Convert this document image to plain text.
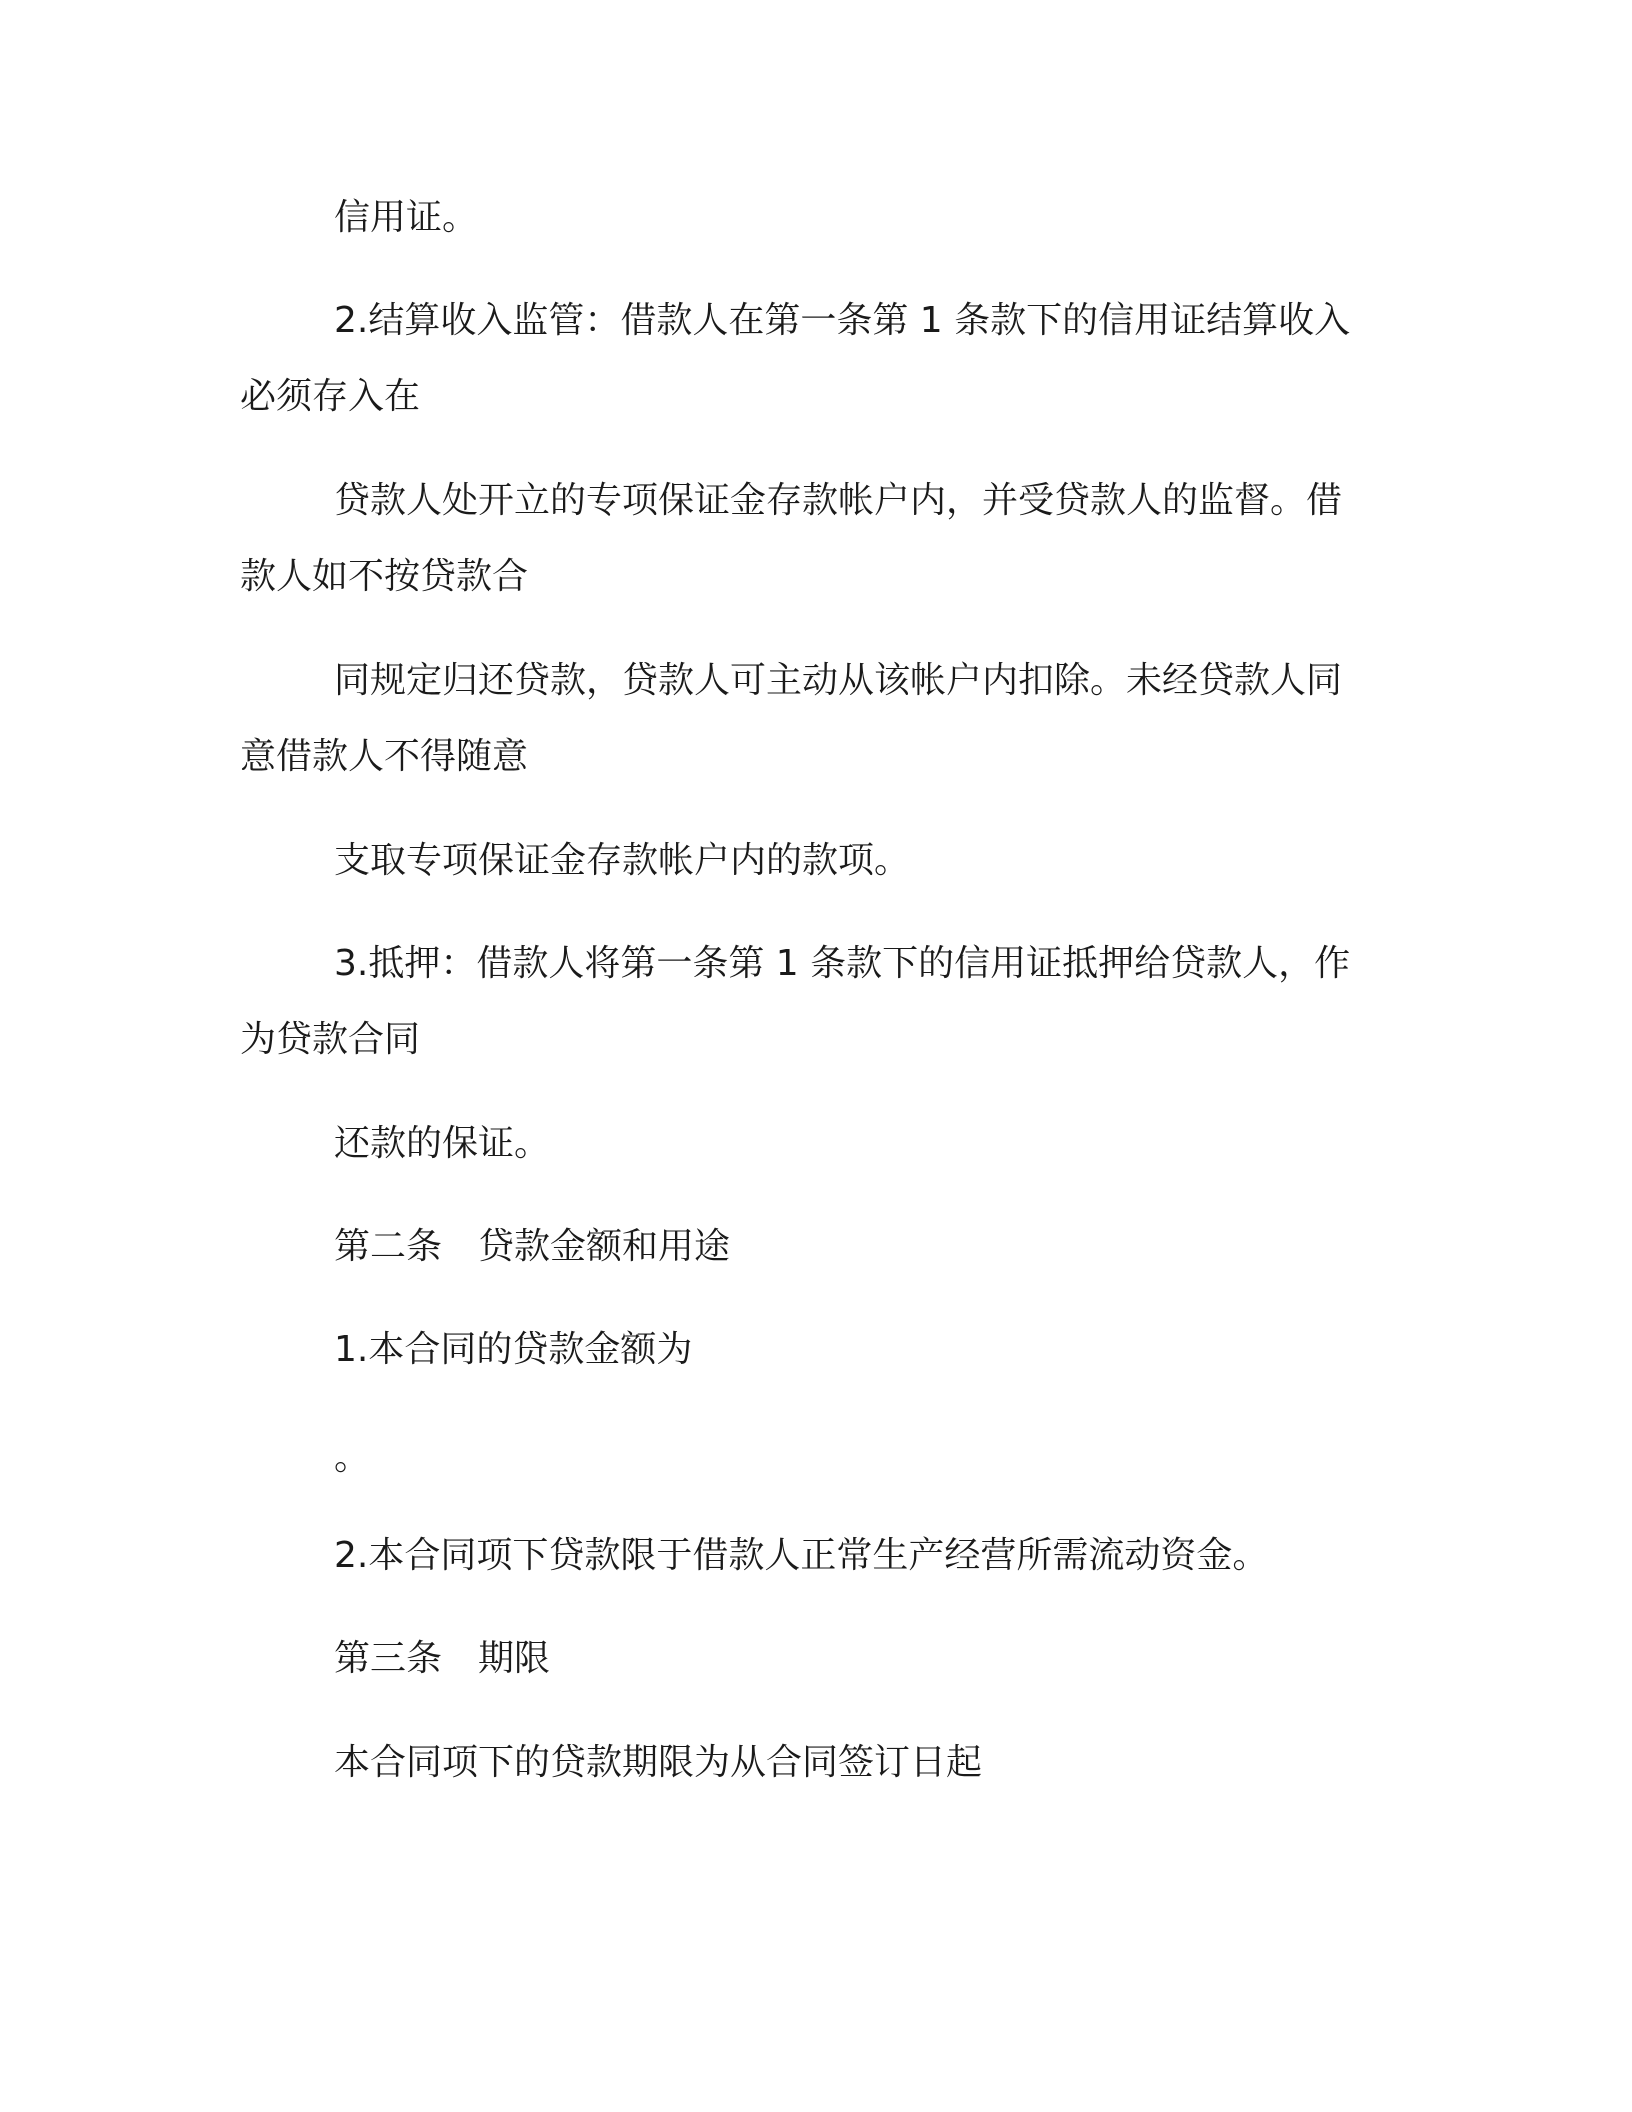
信用证。

2.结算收入监管：借款人在第一条第 1 条款下的信用证结算收入

必须存入在

贷款人处开立的专项保证金存款帐户内，并受贷款人的监督。借

款人如不按贷款合

同规定归还贷款，贷款人可主动从该帐户内扣除。未经贷款人同

意借款人不得随意

支取专项保证金存款帐户内的款项。

3.抵押：借款人将第一条第 1 条款下的信用证抵押给贷款人，作

为贷款合同

还款的保证。

第二条　贷款金额和用途

1.本合同的贷款金额为

。

2.本合同项下贷款限于借款人正常生产经营所需流动资金。

第三条　期限

本合同项下的贷款期限为从合同签订日起
